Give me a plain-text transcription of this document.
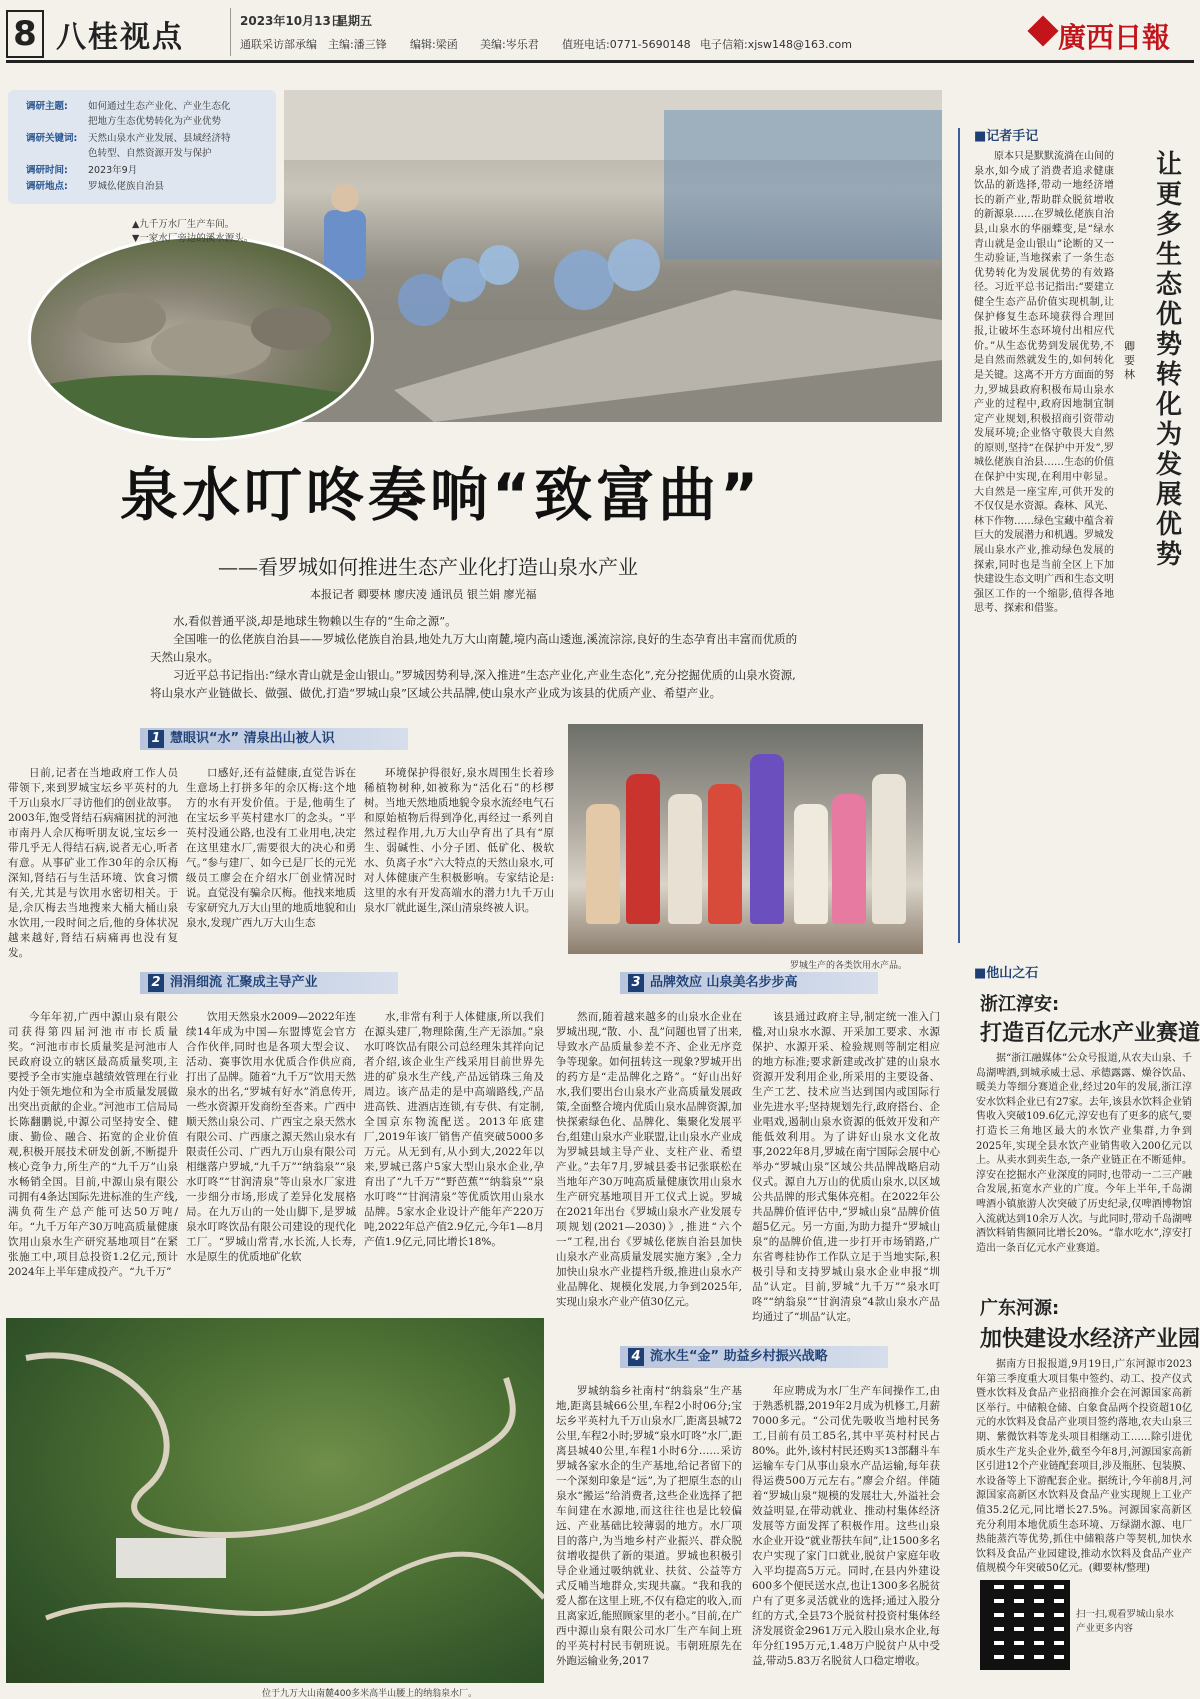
8 八桂视点	2023年10月13日
星期五
通联采访部承编 主编:潘三锋 编辑:梁函 美编:岑乐君 值班电话:0771-5690148 电子信箱:xjsw148@163.com	廣西日報
调研主题: 如何通过生态产业化、产业生态化
把地方生态优势转化为产业优势
调研关键词: 天然山泉水产业发展、县域经济特
色转型、自然资源开发与保护
调研时间: 2023年9月
调研地点: 罗城仫佬族自治县
▲九千万水厂生产车间。
▼一家水厂旁边的溪水源头。
泉水叮咚奏响“致富曲”
——看罗城如何推进生态产业化打造山泉水产业
本报记者 卿要林 廖庆凌 通讯员 银兰娟 廖光福
水,看似普通平淡,却是地球生物赖以生存的“生命之源”。
全国唯一的仫佬族自治县——罗城仫佬族自治县,地处九万大山南麓,境内高山逶迤,溪流淙淙,良好的生态孕育出丰富而优质的天然山泉水。
习近平总书记指出:“绿水青山就是金山银山。”罗城因势利导,深入推进“生态产业化,产业生态化”,充分挖掘优质的山泉水资源,将山泉水产业链做长、做强、做优,打造“罗城山泉”区域公共品牌,使山泉水产业成为该县的优质产业、希望产业。
1 慧眼识“水” 清泉出山被人识
日前,记者在当地政府工作人员带领下,来到罗城宝坛乡平英村的九千万山泉水厂寻访他们的创业故事。2003年,饱受肾结石病痛困扰的河池市南丹人佘仄梅听朋友说,宝坛乡一带几乎无人得结石病,说者无心,听者有意。从事矿业工作30年的佘仄梅深知,肾结石与生活环境、饮食习惯有关,尤其是与饮用水密切相关。于是,佘仄梅去当地搜来大桶大桶山泉水饮用,一段时间之后,他的身体状况越来越好,肾结石病痛再也没有复发。
口感好,还有益健康,直觉告诉在生意场上打拼多年的佘仄梅:这个地方的水有开发价值。于是,他萌生了在宝坛乡平英村建水厂的念头。“平英村没通公路,也没有工业用电,决定在这里建水厂,需要很大的决心和勇气。”参与建厂、如今已是厂长的元光级员工廖会在介绍水厂创业情况时说。直觉没有骗佘仄梅。他找来地质专家研究九万大山里的地质地貌和山泉水,发现广西九万大山生态
环境保护得很好,泉水周围生长着珍稀植物树种,如被称为“活化石”的杉椤树。当地天然地质地貌令泉水流经电气石和原始植物后得到净化,再经过一系列自然过程作用,九万大山孕育出了具有“原生、弱碱性、小分子团、低矿化、极软水、负离子水”六大特点的天然山泉水,可对人体健康产生积极影响。专家结论是:这里的水有开发高端水的潜力!九千万山泉水厂就此诞生,深山清泉终被人识。
罗城生产的各类饮用水产品。
2 涓涓细流 汇聚成主导产业
今年年初,广西中源山泉有限公司获得第四届河池市市长质量奖。“河池市市长质量奖是河池市人民政府设立的辖区最高质量奖项,主要授予全市实施卓越绩效管理在行业内处于领先地位和为全市质量发展做出突出贡献的企业。”河池市工信局局长陈翻鹏说,中源公司坚持安全、健康、勤俭、融合、拓宽的企业价值观,积极开展技术研发创新,不断提升核心竞争力,所生产的“九千万”山泉水畅销全国。目前,中源山泉有限公司拥有4条达国际先进标准的生产线,满负荷生产总产能可达50万吨/年。“九千万年产30万吨高质量健康饮用山泉水生产研究基地项目”在紧张施工中,项目总投资1.2亿元,预计2024年上半年建成投产。“九千万”
饮用天然泉水2009—2022年连续14年成为中国—东盟博览会官方合作伙伴,同时也是各项大型会议、活动、赛事饮用水优质合作供应商,打出了品牌。随着“九千万”饮用天然泉水的出名,“罗城有好水”消息传开,一些水资源开发商纷至沓来。广西中顺天然山泉公司、广西宝之泉天然水有限公司、广西康之源天然山泉水有限责任公司、广西九万山泉有限公司相继落户罗城,“九千万”“纳翁泉”“泉水叮咚”“甘润清泉”等山泉水厂家进一步细分市场,形成了差异化发展格局。在九万山的一处山脚下,是罗城泉水叮咚饮品有限公司建设的现代化工厂。“罗城山常青,水长流,人长寿,水是原生的优质地矿化软
水,非常有利于人体健康,所以我们在源头建厂,物理除菌,生产无添加。”泉水叮咚饮品有限公司总经理朱其祥向记者介绍,该企业生产线采用目前世界先进的矿泉水生产线,产品远销珠三角及周边。该产品走的是中高端路线,产品进高铁、进酒店连锁,有专供、有定制,全国京东物流配送。2013年底建厂,2019年该厂销售产值突破5000多万元。从无到有,从小到大,2022年以来,罗城已落户5家大型山泉水企业,孕育出了“九千万”“野芭蕉”“纳翁泉”“泉水叮咚”“甘润清泉”等优质饮用山泉水品牌。5家水企业设计产能年产220万吨,2022年总产值2.9亿元,今年1—8月产值1.9亿元,同比增长18%。
3 品牌效应 山泉美名步步高
然而,随着越来越多的山泉水企业在罗城出现,“散、小、乱”问题也冒了出来,导致水产品质量参差不齐、企业无序竞争等现象。如何扭转这一现象?罗城开出的药方是“走品牌化之路”。“好山出好水,我们要出台山泉水产业高质量发展政策,全面整合境内优质山泉水品牌资源,加快探索绿色化、品牌化、集聚化发展平台,组建山泉水产业联盟,让山泉水产业成为罗城县域主导产业、支柱产业、希望产业。”去年7月,罗城县委书记张联松在当地年产30万吨高质量健康饮用山泉水生产研究基地项目开工仪式上说。罗城在2021年出台《罗城山泉水产业发展专项规划(2021—2030)》,推进“六个一”工程,出台《罗城仫佬族自治县加快山泉水产业高质量发展实施方案》,全力加快山泉水产业提档升级,推进山泉水产业品牌化、规模化发展,力争到2025年,实现山泉水产业产值30亿元。
该县通过政府主导,制定统一准入门槛,对山泉水水源、开采加工要求、水源保护、水源开采、检验规则等制定相应的地方标准;要求新建或改扩建的山泉水资源开发利用企业,所采用的主要设备、生产工艺、技术应当达到国内或国际行业先进水平;坚持规划先行,政府搭台、企业唱戏,遏制山泉水资源的低效开发和产能低效利用。为了讲好山泉水文化故事,2022年8月,罗城在南宁国际会展中心举办“罗城山泉”区域公共品牌战略启动仪式。源自九万山的优质山泉水,以区域公共品牌的形式集体亮相。在2022年公共品牌价值评估中,“罗城山泉”品牌价值超5亿元。另一方面,为助力提升“罗城山泉”的品牌价值,进一步打开市场销路,广东省粤桂协作工作队立足于当地实际,积极引导和支持罗城山泉水企业申报“圳品”认定。目前,罗城“九千万”“泉水叮咚”“纳翁泉”“甘润清泉”4款山泉水产品均通过了“圳品”认定。
位于九万大山南麓400多米高半山腰上的纳翁泉水厂。
4 流水生“金” 助益乡村振兴战略
罗城纳翁乡社南村“纳翁泉”生产基地,距离县城66公里,车程2小时06分;宝坛乡平英村九千万山泉水厂,距离县城72公里,车程2小时;罗城“泉水叮咚”水厂,距离县城40公里,车程1小时6分……采访罗城各家水企的生产基地,给记者留下的一个深刻印象是“远”,为了把原生态的山泉水“搬运”给消费者,这些企业选择了把车间建在水源地,而这往往也是比较偏远、产业基础比较薄弱的地方。水厂项目的落户,为当地乡村产业振兴、群众脱贫增收提供了新的渠道。罗城也积极引导企业通过吸纳就业、扶贫、公益等方式反哺当地群众,实现共赢。“我和我的爱人都在这里上班,不仅有稳定的收入,而且离家近,能照顾家里的老小。”目前,在广西中源山泉有限公司水厂生产车间上班的平英村村民韦朝班说。韦朝班原先在外跑运输业务,2017
年应聘成为水厂生产车间操作工,由于熟悉机器,2019年2月成为机修工,月薪7000多元。“公司优先吸收当地村民务工,目前有员工85名,其中平英村村民占80%。此外,该村村民还购买13部翻斗车运输车专门从事山泉水产品运输,每年获得运费500万元左右。”廖会介绍。伴随着“罗城山泉”规模的发展壮大,外溢社会效益明显,在带动就业、推动村集体经济发展等方面发挥了积极作用。这些山泉水企业开设“就业帮扶车间”,让1500多名农户实现了家门口就业,脱贫户家庭年收入平均提高5万元。同时,在县内外建设600多个便民送水点,也让1300多名脱贫户有了更多灵活就业的选择;通过入股分红的方式,全县73个脱贫村投资村集体经济发展资金2961万元入股山泉水企业,每年分红195万元,1.48万户脱贫户从中受益,带动5.83万名脱贫人口稳定增收。
■记者手记
让更多生态优势转化为发展优势
卿要林
原本只是默默流淌在山间的泉水,如今成了消费者追求健康饮品的新选择,带动一地经济增长的新产业,帮助群众脱贫增收的新源泉……在罗城仫佬族自治县,山泉水的华丽蝶变,是“绿水青山就是金山银山”论断的又一生动验证,当地探索了一条生态优势转化为发展优势的有效路径。习近平总书记指出:“要建立健全生态产品价值实现机制,让保护修复生态环境获得合理回报,让破坏生态环境付出相应代价。”从生态优势到发展优势,不是自然而然就发生的,如何转化是关键。这离不开方方面面的努力,罗城县政府积极布局山泉水产业的过程中,政府因地制宜制定产业规划,积极招商引资带动发展环境;企业恪守敬畏大自然的原则,坚持“在保护中开发”,罗城仫佬族自治县……生态的价值在保护中实现,在利用中彰显。大自然是一座宝库,可供开发的不仅仅是水资源。森林、风光、林下作物……绿色宝藏中蕴含着巨大的发展潜力和机遇。罗城发展山泉水产业,推动绿色发展的探索,同时也是当前全区上下加快建设生态文明广西和生态文明强区工作的一个缩影,值得各地思考、探索和借鉴。
■他山之石
浙江淳安:
打造百亿元水产业赛道
据“浙江融媒体”公众号报道,从农夫山泉、千岛湖啤酒,到城承威士忌、承德露露、燥谷饮品、暖美力等细分赛道企业,经过20年的发展,浙江淳安水饮料企业已有27家。去年,该县水饮料企业销售收入突破109.6亿元,淳安也有了更多的底气,要打造长三角地区最大的水饮产业集群,力争到2025年,实现全县水饮产业销售收入200亿元以上。从卖水到卖生态,一条产业链正在不断延伸。淳安在挖掘水产业深度的同时,也带动一二三产融合发展,拓宽水产业的广度。今年上半年,千岛湖啤酒小镇旅游人次突破了历史纪录,仅啤酒博物馆入流就达到10余万人次。与此同时,带动千岛湖啤酒饮料销售额同比增长20%。“靠水吃水”,淳安打造出一条百亿元水产业赛道。
广东河源:
加快建设水经济产业园
据南方日报报道,9月19日,广东河源市2023年第三季度重大项目集中签约、动工、投产仪式暨水饮料及食品产业招商推介会在河源国家高新区举行。中储粮仓储、白象食品两个投资超10亿元的水饮料及食品产业项目签约落地,农夫山泉三期、紫微饮料等龙头项目相继动工……除引进优质水生产龙头企业外,截至今年8月,河源国家高新区引进12个产业链配套项目,涉及瓶胚、包装膜、水设备等上下游配套企业。据统计,今年前8月,河源国家高新区水饮料及食品产业实现规上工业产值35.2亿元,同比增长27.5%。河源国家高新区充分利用本地优质生态环境、万绿湖水源、电厂热能蒸汽等优势,抓住中储粮落户等契机,加快水饮料及食品产业园建设,推动水饮料及食品产业产值规模今年突破50亿元。(卿要林/整理)
扫一扫,观看罗城山泉水产业更多内容
